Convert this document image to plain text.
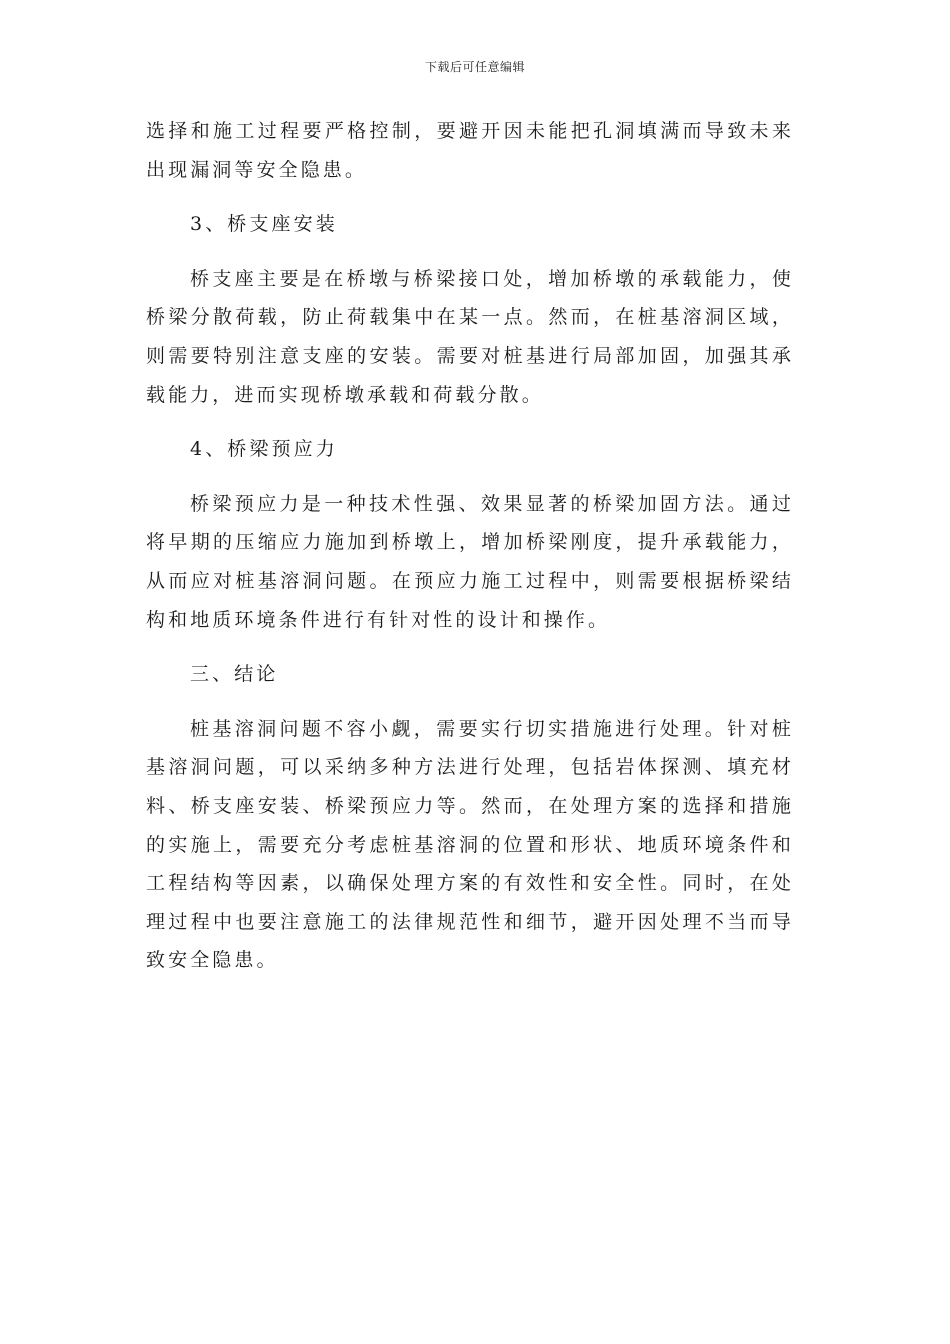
下载后可任意编辑

选择和施工过程要严格控制，要避开因未能把孔洞填满而导致未来出现漏洞等安全隐患。

3、桥支座安装

桥支座主要是在桥墩与桥梁接口处，增加桥墩的承载能力，使桥梁分散荷载，防止荷载集中在某一点。然而，在桩基溶洞区域，则需要特别注意支座的安装。需要对桩基进行局部加固，加强其承载能力，进而实现桥墩承载和荷载分散。

4、桥梁预应力

桥梁预应力是一种技术性强、效果显著的桥梁加固方法。通过将早期的压缩应力施加到桥墩上，增加桥梁刚度，提升承载能力，从而应对桩基溶洞问题。在预应力施工过程中，则需要根据桥梁结构和地质环境条件进行有针对性的设计和操作。

三、结论

桩基溶洞问题不容小觑，需要实行切实措施进行处理。针对桩基溶洞问题，可以采纳多种方法进行处理，包括岩体探测、填充材料、桥支座安装、桥梁预应力等。然而，在处理方案的选择和措施的实施上，需要充分考虑桩基溶洞的位置和形状、地质环境条件和工程结构等因素，以确保处理方案的有效性和安全性。同时，在处理过程中也要注意施工的法律规范性和细节，避开因处理不当而导致安全隐患。
